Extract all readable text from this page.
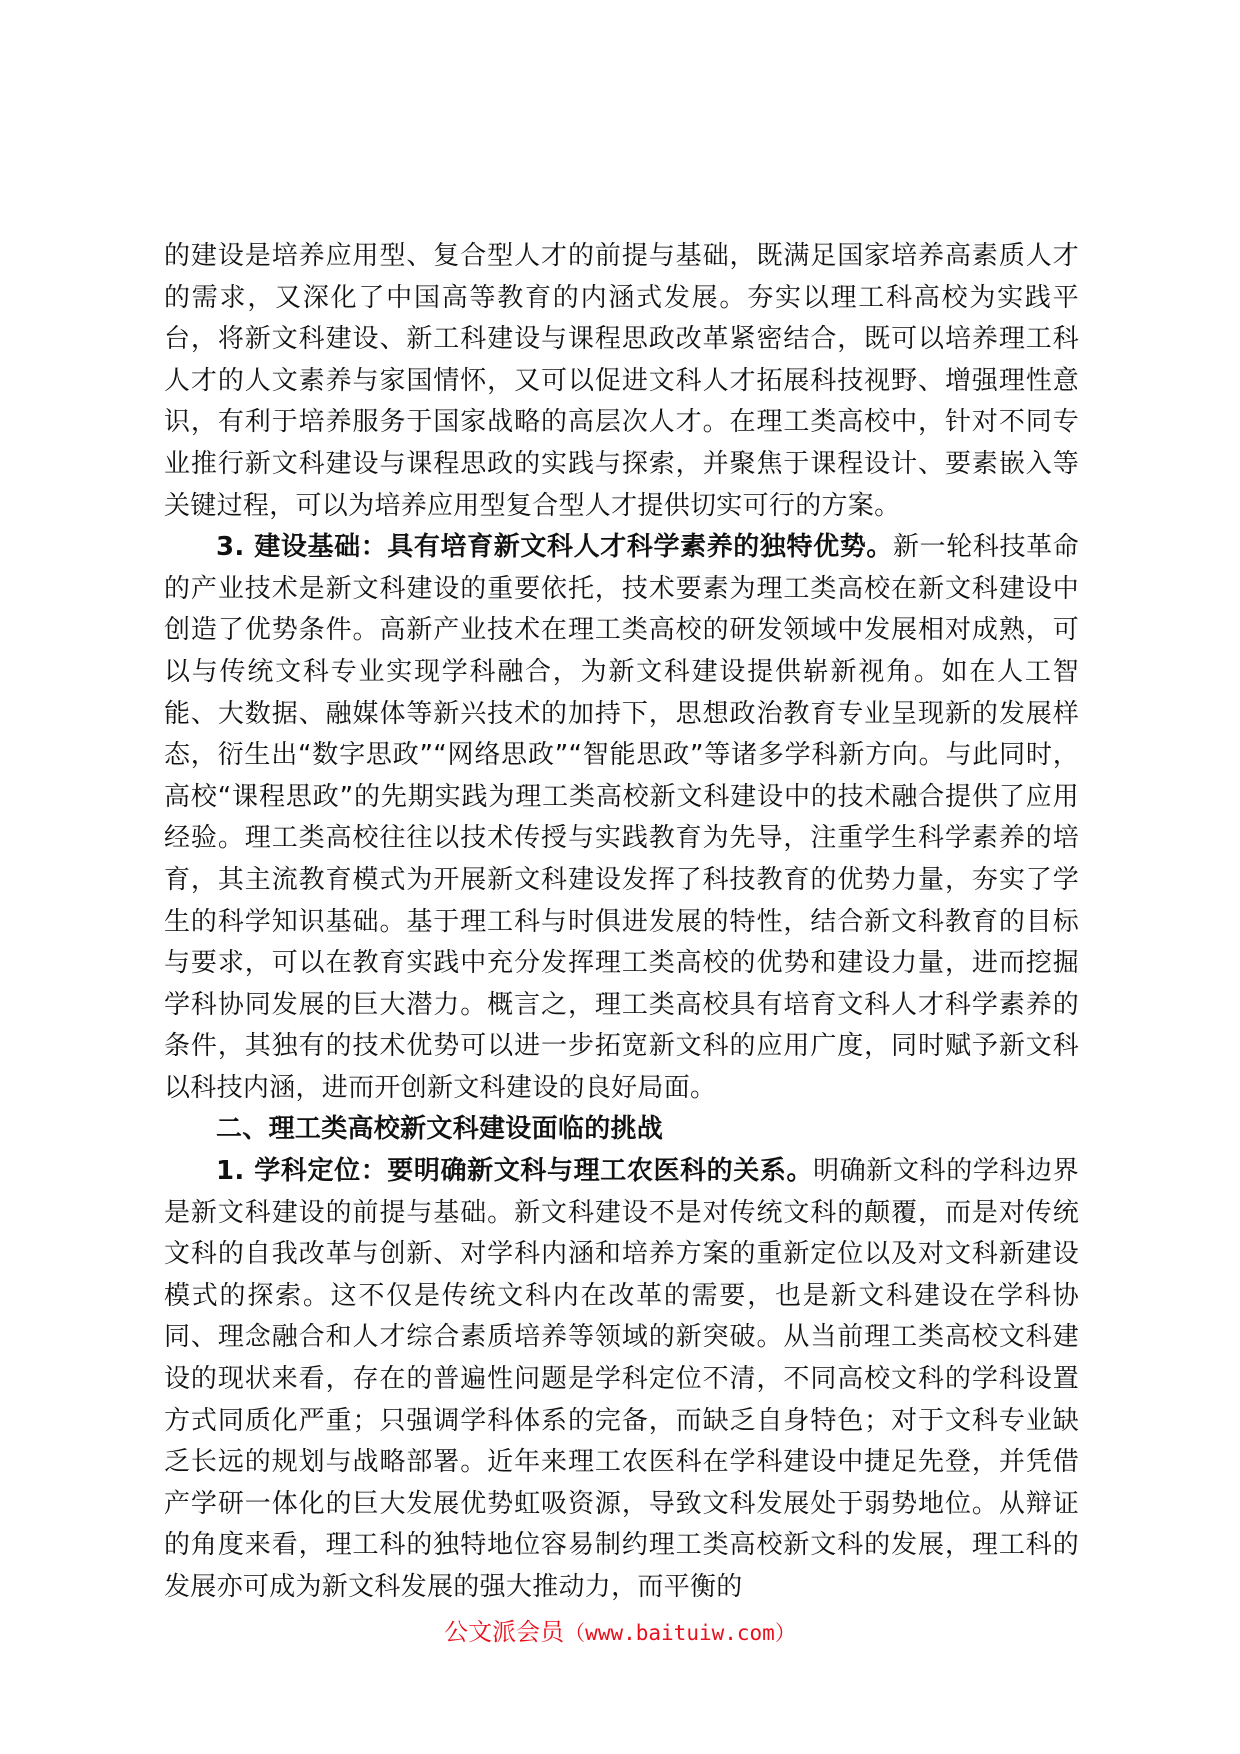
的建设是培养应用型、复合型人才的前提与基础，既满足国家培养高素质人才的需求，又深化了中国高等教育的内涵式发展。夯实以理工科高校为实践平台，将新文科建设、新工科建设与课程思政改革紧密结合，既可以培养理工科人才的人文素养与家国情怀，又可以促进文科人才拓展科技视野、增强理性意识，有利于培养服务于国家战略的高层次人才。在理工类高校中，针对不同专业推行新文科建设与课程思政的实践与探索，并聚焦于课程设计、要素嵌入等关键过程，可以为培养应用型复合型人才提供切实可行的方案。

3. 建设基础：具有培育新文科人才科学素养的独特优势。新一轮科技革命的产业技术是新文科建设的重要依托，技术要素为理工类高校在新文科建设中创造了优势条件。高新产业技术在理工类高校的研发领域中发展相对成熟，可以与传统文科专业实现学科融合，为新文科建设提供崭新视角。如在人工智能、大数据、融媒体等新兴技术的加持下，思想政治教育专业呈现新的发展样态，衍生出“数字思政”“网络思政”“智能思政”等诸多学科新方向。与此同时，高校“课程思政”的先期实践为理工类高校新文科建设中的技术融合提供了应用经验。理工类高校往往以技术传授与实践教育为先导，注重学生科学素养的培育，其主流教育模式为开展新文科建设发挥了科技教育的优势力量，夯实了学生的科学知识基础。基于理工科与时俱进发展的特性，结合新文科教育的目标与要求，可以在教育实践中充分发挥理工类高校的优势和建设力量，进而挖掘学科协同发展的巨大潜力。概言之，理工类高校具有培育文科人才科学素养的条件，其独有的技术优势可以进一步拓宽新文科的应用广度，同时赋予新文科以科技内涵，进而开创新文科建设的良好局面。

二、理工类高校新文科建设面临的挑战

1. 学科定位：要明确新文科与理工农医科的关系。明确新文科的学科边界是新文科建设的前提与基础。新文科建设不是对传统文科的颠覆，而是对传统文科的自我改革与创新、对学科内涵和培养方案的重新定位以及对文科新建设模式的探索。这不仅是传统文科内在改革的需要，也是新文科建设在学科协同、理念融合和人才综合素质培养等领域的新突破。从当前理工类高校文科建设的现状来看，存在的普遍性问题是学科定位不清，不同高校文科的学科设置方式同质化严重；只强调学科体系的完备，而缺乏自身特色；对于文科专业缺乏长远的规划与战略部署。近年来理工农医科在学科建设中捷足先登，并凭借产学研一体化的巨大发展优势虹吸资源，导致文科发展处于弱势地位。从辩证的角度来看，理工科的独特地位容易制约理工类高校新文科的发展，理工科的发展亦可成为新文科发展的强大推动力，而平衡的

公文派会员（www.baituiw.com）
